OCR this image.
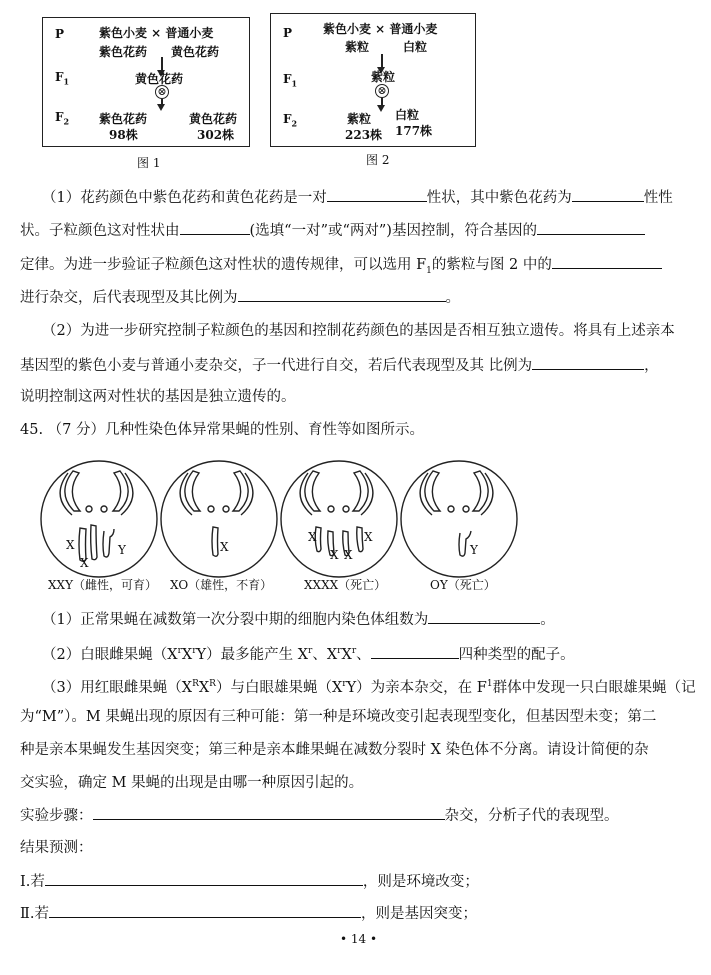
P	紫色小麦 × 普通小麦
紫色花药 黄色花药
$F_1$	黄色花药
⊗
$F_2$ 紫色花药	黄色花药
98株	302株
图 1
P	紫色小麦 × 普通小麦
紫粒	白粒
$F_1$	紫粒
⊗
$F_2$	紫粒 白粒
223株 177株
图 2
（1）花药颜色中紫色花药和黄色花药是一对	性状，其中紫色花药为	性性
状。子粒颜色这对性状由	(选填“一对”或“两对”)基因控制，符合基因的
定律。为进一步验证子粒颜色这对性状的遗传规律，可以选用 $F_1$的紫粒与图 2 中的
进行杂交，后代表现型及其比例为	。
（2）为进一步研究控制子粒颜色的基因和控制花药颜色的基因是否相互独立遗传。将具有上述亲本
基因型的紫色小麦与普通小麦杂交，子一代进行自交，若后代表现型及其 比例为	，
说明控制这两对性状的基因是独立遗传的。
45. （7 分）几种性染色体异常果蝇的性别、育性等如图所示。
X
X
Y	X
X
X X
X
Y
XXY（雌性，可育） XO（雄性，不育）	XXXX（死亡）	OY（死亡）
（1）正常果蝇在减数第一次分裂中期的细胞内染色体组数为	。
（2）白眼雌果蝇$(X^rX^rY)$最多能产生 $X^r$、$X^rX^r$、	四种类型的配子。
（3）用红眼雌果蝇$(X^RX^R)$与白眼雄果蝇$(X^rY)$为亲本杂交，在 $F^1$群体中发现一只白眼雄果蝇（记
为“M”）。M 果蝇出现的原因有三种可能：第一种是环境改变引起表现型变化，但基因型未变；第二
种是亲本果蝇发生基因突变；第三种是亲本雌果蝇在减数分裂时 X 染色体不分离。请设计简便的杂
交实验，确定 M 果蝇的出现是由哪一种原因引起的。
实验步骤：	杂交，分析子代的表现型。
结果预测：
Ⅰ.若	，则是环境改变；
Ⅱ.若	，则是基因突变；
• 14 •
